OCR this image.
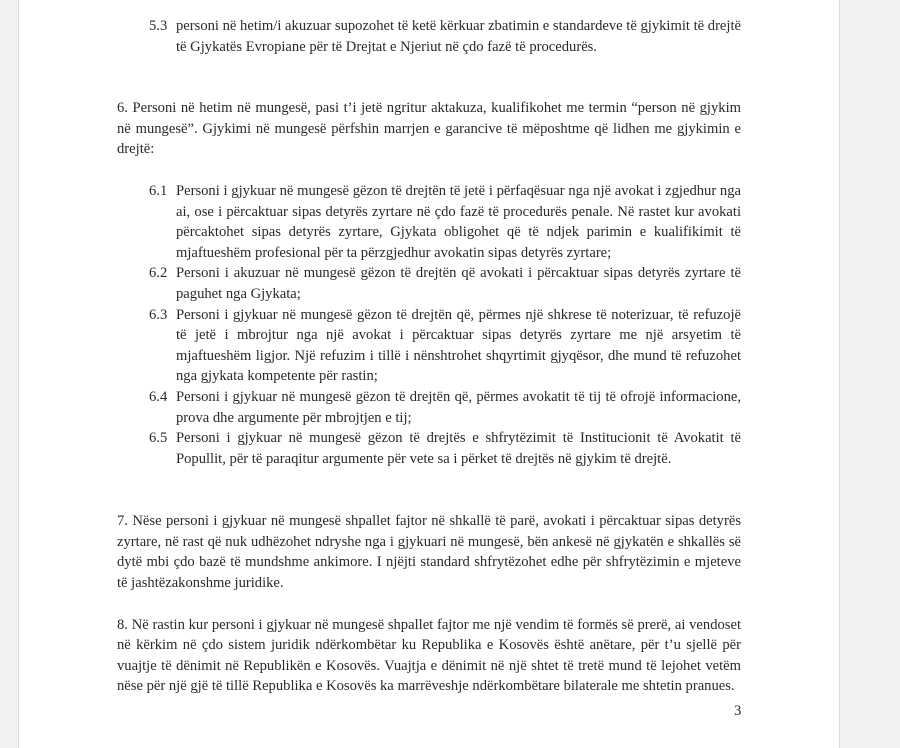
5.3 personi në hetim/i akuzuar supozohet të ketë kërkuar zbatimin e standardeve të gjykimit të drejtë të Gjykatës Evropiane për të Drejtat e Njeriut në çdo fazë të procedurës.

6. Personi në hetim në mungesë, pasi t’i jetë ngritur aktakuza, kualifikohet me termin “person në gjykim në mungesë”. Gjykimi në mungesë përfshin marrjen e garancive të mëposhtme që lidhen me gjykimin e drejtë:

6.1 Personi i gjykuar në mungesë gëzon të drejtën të jetë i përfaqësuar nga një avokat i zgjedhur nga ai, ose i përcaktuar sipas detyrës zyrtare në çdo fazë të procedurës penale. Në rastet kur avokati përcaktohet sipas detyrës zyrtare, Gjykata obligohet që të ndjek parimin e kualifikimit të mjaftueshëm profesional për ta përzgjedhur avokatin sipas detyrës zyrtare;
6.2 Personi i akuzuar në mungesë gëzon të drejtën që avokati i përcaktuar sipas detyrës zyrtare të paguhet nga Gjykata;
6.3 Personi i gjykuar në mungesë gëzon të drejtën që, përmes një shkrese të noterizuar, të refuzojë të jetë i mbrojtur nga një avokat i përcaktuar sipas detyrës zyrtare me një arsyetim të mjaftueshëm ligjor. Një refuzim i tillë i nënshtrohet shqyrtimit gjyqësor, dhe mund të refuzohet nga gjykata kompetente për rastin;
6.4 Personi i gjykuar në mungesë gëzon të drejtën që, përmes avokatit të tij të ofrojë informacione, prova dhe argumente për mbrojtjen e tij;
6.5 Personi i gjykuar në mungesë gëzon të drejtës e shfrytëzimit të Institucionit të Avokatit të Popullit, për të paraqitur argumente për vete sa i përket të drejtës në gjykim të drejtë.

7. Nëse personi i gjykuar në mungesë shpallet fajtor në shkallë të parë, avokati i përcaktuar sipas detyrës zyrtare, në rast që nuk udhëzohet ndryshe nga i gjykuari në mungesë, bën ankesë në gjykatën e shkallës së dytë mbi çdo bazë të mundshme ankimore. I njëjti standard shfrytëzohet edhe për shfrytëzimin e mjeteve të jashtëzakonshme juridike.

8. Në rastin kur personi i gjykuar në mungesë shpallet fajtor me një vendim të formës së prerë, ai vendoset në kërkim në çdo sistem juridik ndërkombëtar ku Republika e Kosovës është anëtare, për t’u sjellë për vuajtje të dënimit në Republikën e Kosovës. Vuajtja e dënimit në një shtet të tretë mund të lejohet vetëm nëse për një gjë të tillë Republika e Kosovës ka marrëveshje ndërkombëtare bilaterale me shtetin pranues.

3
